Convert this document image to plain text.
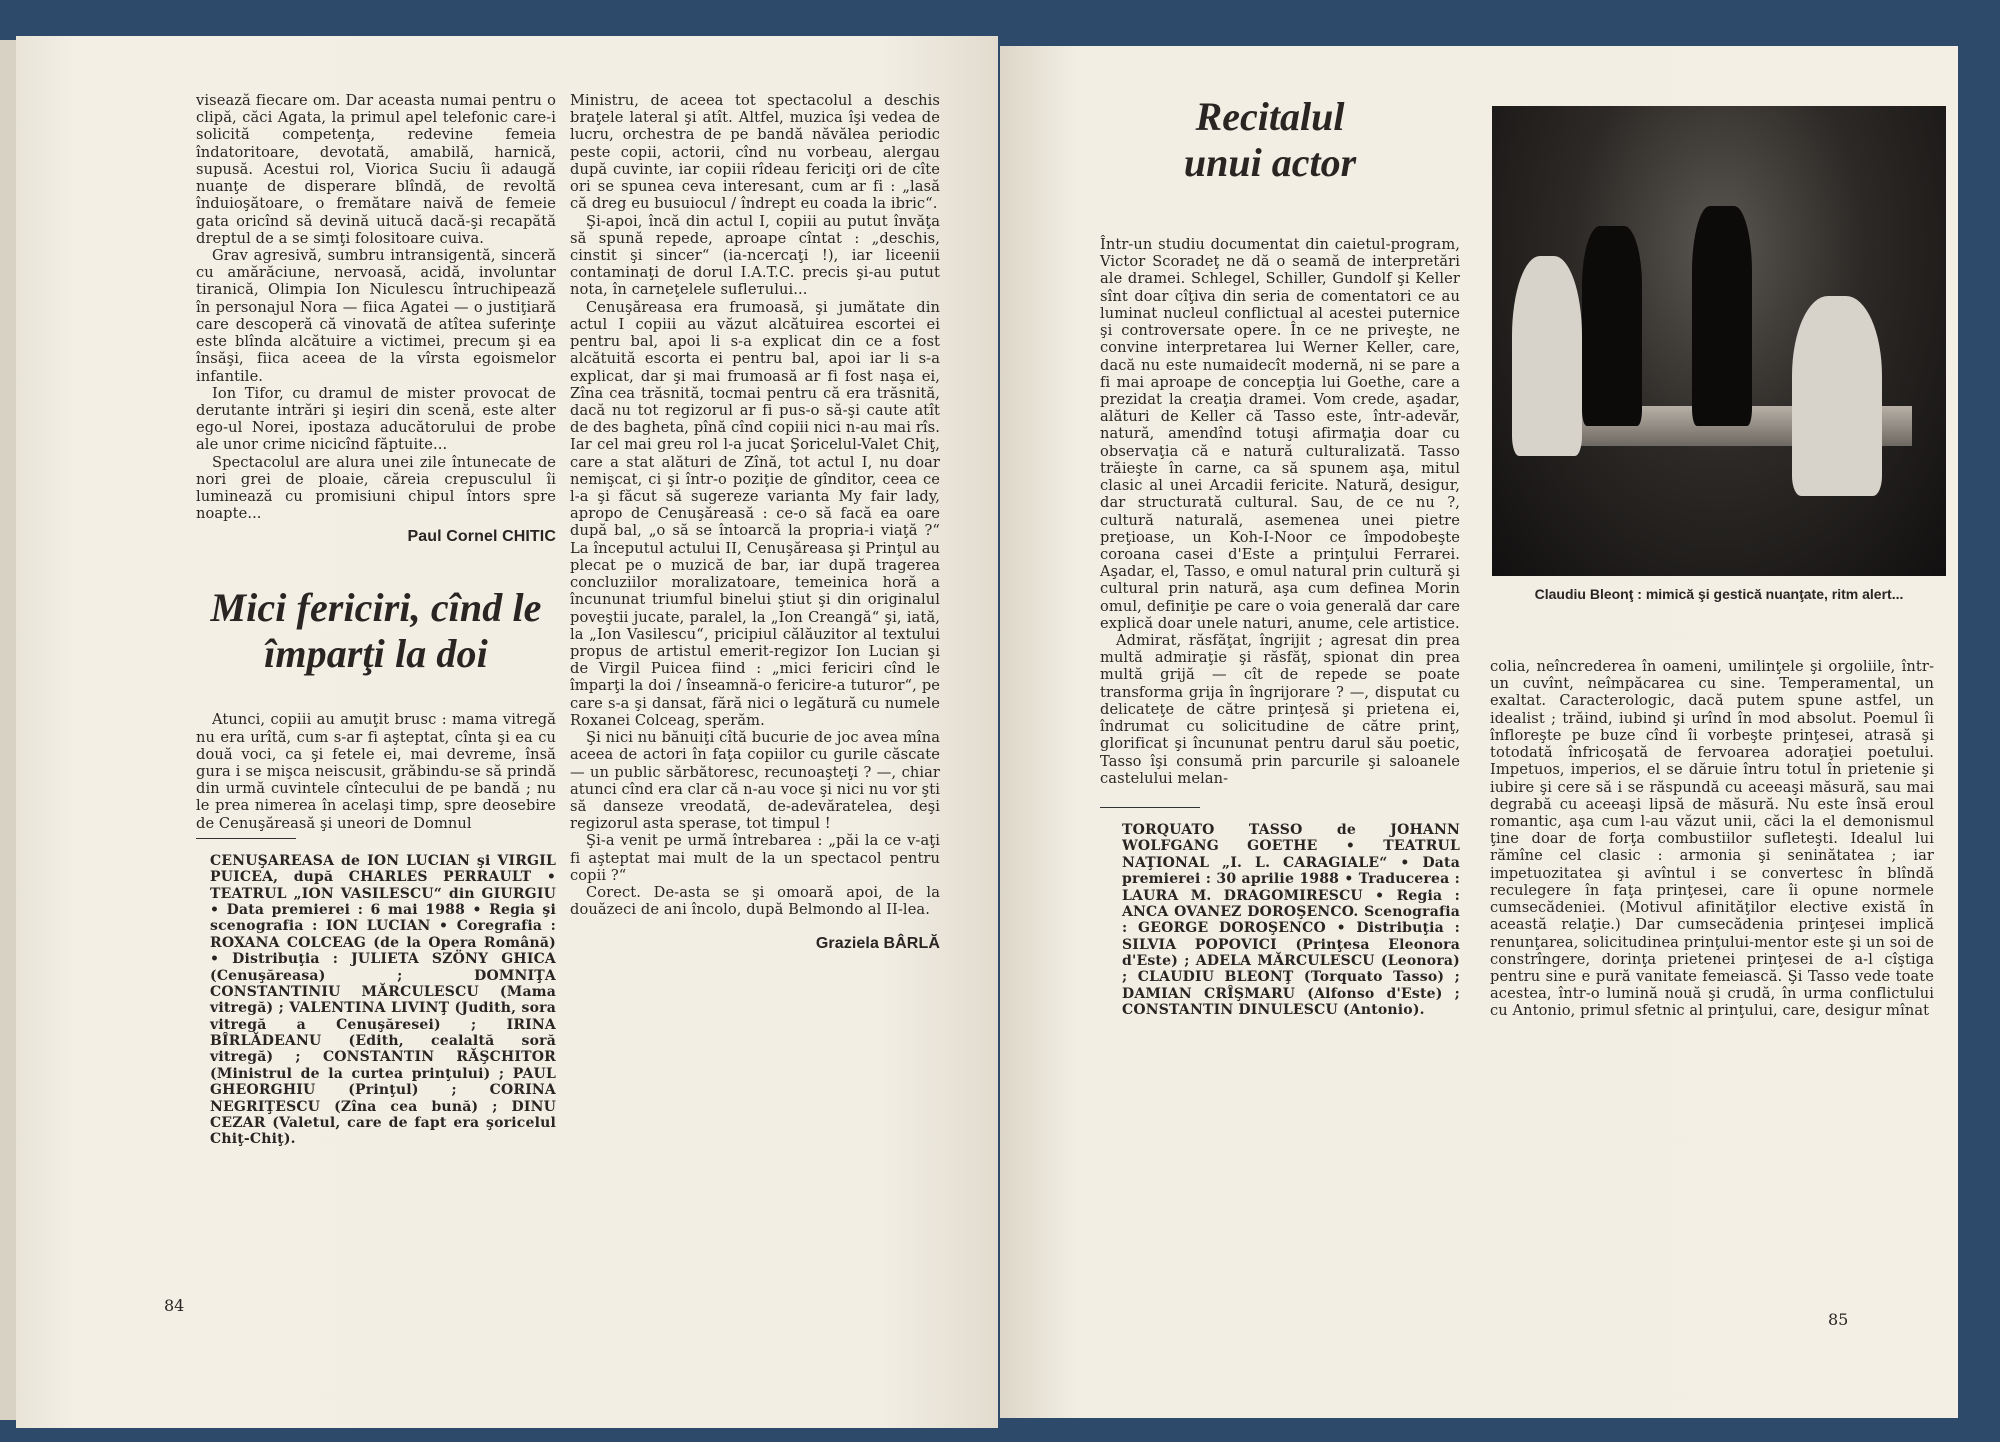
visează fiecare om. Dar aceasta numai pentru o clipă, căci Agata, la primul apel telefonic care-i solicită competenţa, redevine femeia îndatoritoare, devotată, amabilă, harnică, supusă. Acestui rol, Viorica Suciu îi adaugă nuanţe de disperare blîndă, de revoltă înduioşătoare, o fremătare naivă de femeie gata oricînd să devină uitucă dacă-şi recapătă dreptul de a se simţi folositoare cuiva.

Grav agresivă, sumbru intransigentă, sinceră cu amărăciune, nervoasă, acidă, involuntar tiranică, Olimpia Ion Niculescu întruchipează în personajul Nora — fiica Agatei — o justiţiară care descoperă că vinovată de atîtea suferinţe este blînda alcătuire a victimei, precum şi ea însăşi, fiica aceea de la vîrsta egoismelor infantile.

Ion Tifor, cu dramul de mister provocat de derutante intrări şi ieşiri din scenă, este alter ego-ul Norei, ipostaza aducătorului de probe ale unor crime nicicînd făptuite...

Spectacolul are alura unei zile întunecate de nori grei de ploaie, căreia crepusculul îi luminează cu promisiuni chipul întors spre noapte...

Paul Cornel CHITIC
Mici fericiri, cînd le
împarţi la doi

Atunci, copiii au amuţit brusc : mama vitregă nu era urîtă, cum s-ar fi aşteptat, cînta şi ea cu două voci, ca şi fetele ei, mai devreme, însă gura i se mişca neiscusit, grăbindu-se să prindă din urmă cuvintele cîntecului de pe bandă ; nu le prea nimerea în acelaşi timp, spre deosebire de Cenuşăreasă şi uneori de Domnul

CENUŞAREASA de ION LUCIAN şi VIRGIL PUICEA, după CHARLES PERRAULT • TEATRUL „ION VASILESCU“ din GIURGIU • Data premierei : 6 mai 1988 • Regia şi scenografia : ION LUCIAN • Coregrafia : ROXANA COLCEAG (de la Opera Română) • Distribuţia : JULIETA SZÖNY GHICA (Cenuşăreasa) ; DOMNIŢA CONSTANTINIU MĂRCULESCU (Mama vitregă) ; VALENTINA LIVINŢ (Judith, sora vitregă a Cenuşăresei) ; IRINA BÎRLĂDEANU (Edith, cealaltă soră vitregă) ; CONSTANTIN RĂŞCHITOR (Ministrul de la curtea prinţului) ; PAUL GHEORGHIU (Prinţul) ; CORINA NEGRIŢESCU (Zîna cea bună) ; DINU CEZAR (Valetul, care de fapt era şoricelul Chiţ-Chiţ).

Ministru, de aceea tot spectacolul a deschis braţele lateral şi atît. Altfel, muzica îşi vedea de lucru, orchestra de pe bandă năvălea periodic peste copii, actorii, cînd nu vorbeau, alergau după cuvinte, iar copiii rîdeau fericiţi ori de cîte ori se spunea ceva interesant, cum ar fi : „lasă că dreg eu busuiocul / îndrept eu coada la ibric“.

Şi-apoi, încă din actul I, copiii au putut învăţa să spună repede, aproape cîntat : „deschis, cinstit şi sincer“ (ia-ncercaţi !), iar liceenii contaminaţi de dorul I.A.T.C. precis şi-au putut nota, în carneţelele suflетului...

Cenuşăreasa era frumoasă, şi jumătate din actul I copiii au văzut alcătuirea escortei ei pentru bal, apoi li s-a explicat din ce a fost alcătuită escorta ei pentru bal, apoi iar li s-a explicat, dar şi mai frumoasă ar fi fost naşa ei, Zîna cea trăsnită, tocmai pentru că era trăsnită, dacă nu tot regizorul ar fi pus-o să-şi caute atît de des bagheta, pînă cînd copiii nici n-au mai rîs. Iar cel mai greu rol l-a jucat Şoricelul-Valet Chiţ, care a stat alături de Zînă, tot actul I, nu doar nemişcat, ci şi într-o poziţie de gînditor, ceea ce l-a şi făcut să sugereze varianta My fair lady, apropo de Cenuşăreasă : ce-o să facă ea oare după bal, „o să se întoarcă la propria-i viaţă ?“ La începutul actului II, Cenuşăreasa şi Prinţul au plecat pe o muzică de bar, iar după tragerea concluziilor moralizatoare, temeinica horă a încununat triumful binelui ştiut şi din originalul poveştii jucate, paralel, la „Ion Creangă“ şi, iată, la „Ion Vasilescu“, pricipiul călăuzitor al textului propus de artistul emerit-regizor Ion Lucian şi de Virgil Puicea fiind : „mici fericiri cînd le împarţi la doi / înseamnă-o fericire-a tuturor“, pe care s-a şi dansat, fără nici o legătură cu numele Roxanei Colceag, sperăm.

Şi nici nu bănuiţi cîtă bucurie de joc avea mîna aceea de actori în faţa copiilor cu gurile căscate — un public sărbătoresc, recunoaşteţi ? —, chiar atunci cînd era clar că n-au voce şi nici nu vor şti să danseze vreodată, de-adevăratelea, deşi regizorul asta sperase, tot timpul !

Şi-a venit pe urmă întrebarea : „păi la ce v-aţi fi aşteptat mai mult de la un spectacol pentru copii ?“

Corect. De-asta se şi omoară apoi, de la douăzeci de ani încolo, după Belmondo al II-lea.

Graziela BÂRLĂ
84
Recitalul
unui actor

Într-un studiu documentat din caietul-program, Victor Scoradeţ ne dă o seamă de interpretări ale dramei. Schlegel, Schiller, Gundolf şi Keller sînt doar cîţiva din seria de comentatori ce au luminat nucleul conflictual al acestei puternice şi controversate opere. În ce ne priveşte, ne convine interpretarea lui Werner Keller, care, dacă nu este numaidecît modernă, ni se pare a fi mai aproape de concepţia lui Goethe, care a prezidat la creaţia dramei. Vom crede, aşadar, alături de Keller că Tasso este, într-adevăr, natură, amendînd totuşi afirmaţia doar cu observaţia că e natură culturalizată. Tasso trăieşte în carne, ca să spunem aşa, mitul clasic al unei Arcadii fericite. Natură, desigur, dar structurată cultural. Sau, de ce nu ?, cultură naturală, asemenea unei pietre preţioase, un Koh-I-Noor ce împodobeşte coroana casei d'Este a prinţului Ferrarei. Aşadar, el, Tasso, e omul natural prin cultură şi cultural prin natură, aşa cum definea Morin omul, definiţie pe care o voia generală dar care explică doar unele naturi, anume, cele artistice.

Admirat, răsfăţat, îngrijit ; agresat din prea multă admiraţie şi răsfăţ, spionat din prea multă grijă — cît de repede se poate transforma grija în îngrijorare ? —, disputat cu delicateţe de către prinţesă şi prietena ei, îndrumat cu solicitudine de către prinţ, glorificat şi încununat pentru darul său poetic, Tasso îşi consumă prin parcurile şi saloanele castelului melan-

TORQUATO TASSO de JOHANN WOLFGANG GOETHE • TEATRUL NAŢIONAL „I. L. CARAGIALE“ • Data premierei : 30 aprilie 1988 • Traducerea : LAURA M. DRAGOMIRESCU • Regia : ANCA OVANEZ DOROŞENCO. Scenografia : GEORGE DOROŞENCO • Distribuţia : SILVIA POPOVICI (Prinţesa Eleonora d'Este) ; ADELA MĂRCULESCU (Leonora) ; CLAUDIU BLEONŢ (Torquato Tasso) ; DAMIAN CRÎŞMARU (Alfonso d'Este) ; CONSTANTIN DINULESCU (Antonio).
Claudiu Bleonţ : mimică şi gestică nuanţate, ritm alert...

colia, neîncrederea în oameni, umilinţele şi orgoliile, într-un cuvînt, neîmpăcarea cu sine. Temperamental, un exaltat. Caracterologic, dacă putem spune astfel, un idealist ; trăind, iubind şi urînd în mod absolut. Poemul îi înfloreşte pe buze cînd îi vorbeşte prinţesei, atrasă şi totodată înfricoşată de fervoarea adoraţiei poetului. Impetuos, imperios, el se dăruie întru totul în prietenie şi iubire şi cere să i se răspundă cu aceeaşi măsură, sau mai degrabă cu aceeaşi lipsă de măsură. Nu este însă eroul romantic, aşa cum l-au văzut unii, căci la el demonismul ţine doar de forţa combustiilor sufleteşti. Idealul lui rămîne cel clasic : armonia şi seninătatea ; iar impetuozitatea şi avîntul i se convertesc în blîndă reculegere în faţa prinţesei, care îi opune normele cumsecădeniei. (Motivul afinităţilor elective există în această relaţie.) Dar cumsecădenia prinţesei implică renunţarea, solicitudinea prinţului-mentor este şi un soi de constrîngere, dorinţa prietenei prinţesei de a-l cîştiga pentru sine e pură vanitate femeiască. Şi Tasso vede toate acestea, într-o lumină nouă şi crudă, în urma conflictului cu Antonio, primul sfetnic al prinţului, care, desigur mînat

85
